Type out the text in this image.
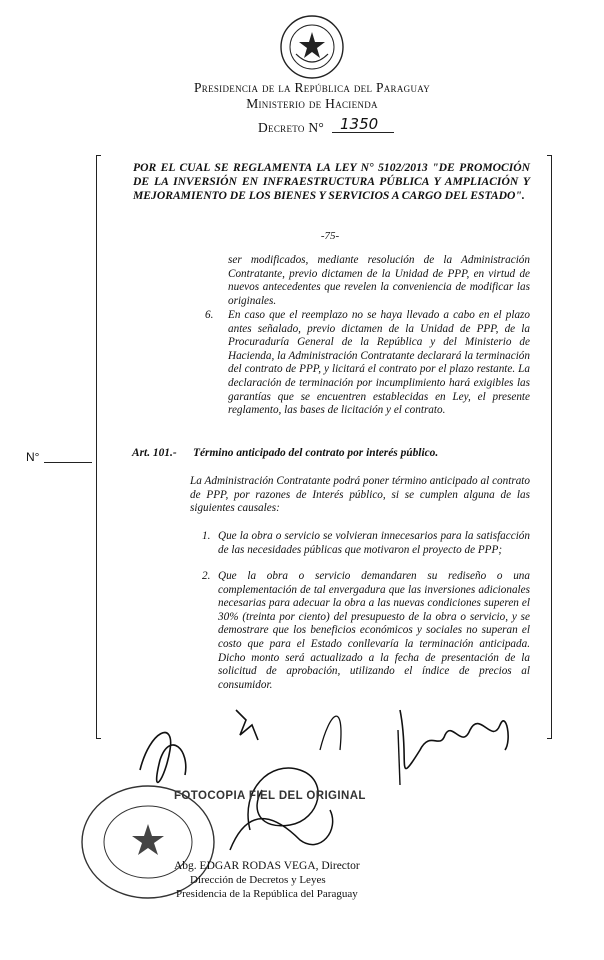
Presidencia de la República del Paraguay
Ministerio de Hacienda
Decreto N° 1350
POR EL CUAL SE REGLAMENTA LA LEY N° 5102/2013 "DE PROMOCIÓN DE LA INVERSIÓN EN INFRAESTRUCTURA PÚBLICA Y AMPLIACIÓN Y MEJORAMIENTO DE LOS BIENES Y SERVICIOS A CARGO DEL ESTADO".
-75-
ser modificados, mediante resolución de la Administración Contratante, previo dictamen de la Unidad de PPP, en virtud de nuevos antecedentes que revelen la conveniencia de modificar las originales.
6. En caso que el reemplazo no se haya llevado a cabo en el plazo antes señalado, previo dictamen de la Unidad de PPP, de la Procuraduría General de la República y del Ministerio de Hacienda, la Administración Contratante declarará la terminación del contrato de PPP, y licitará el contrato por el plazo restante. La declaración de terminación por incumplimiento hará exigibles las garantías que se encuentren establecidas en Ley, el presente reglamento, las bases de licitación y el contrato.
N°	Art. 101.- Término anticipado del contrato por interés público.
La Administración Contratante podrá poner término anticipado al contrato de PPP, por razones de Interés público, si se cumplen alguna de las siguientes causales:
1. Que la obra o servicio se volvieran innecesarios para la satisfacción de las necesidades públicas que motivaron el proyecto de PPP;
2. Que la obra o servicio demandaren su rediseño o una complementación de tal envergadura que las inversiones adicionales necesarias para adecuar la obra a las nuevas condiciones superen el 30% (treinta por ciento) del presupuesto de la obra o servicio, y se demostrare que los beneficios económicos y sociales no superan el costo que para el Estado conllevaría la terminación anticipada. Dicho monto será actualizado a la fecha de presentación de la solicitud de aprobación, utilizando el índice de precios al consumidor.
FOTOCOPIA FIEL DEL ORIGINAL
Abg. EDGAR RODAS VEGA, Director
Dirección de Decretos y Leyes
Presidencia de la República del Paraguay
